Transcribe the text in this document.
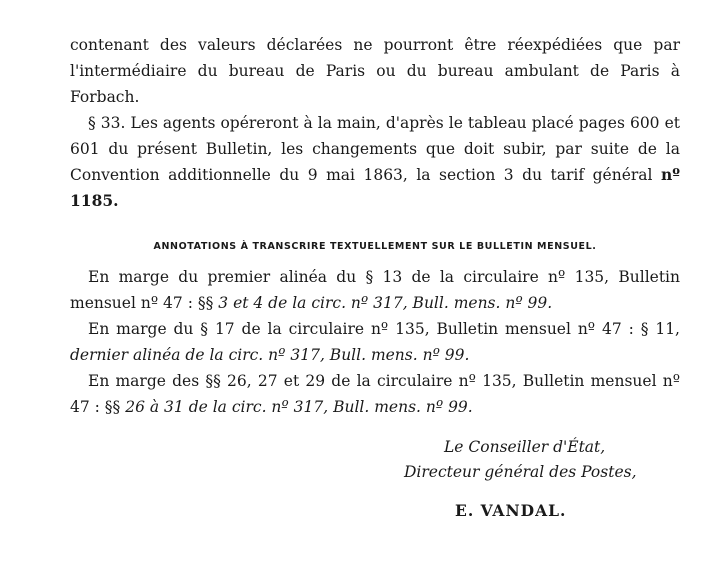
contenant des valeurs déclarées ne pourront être réexpédiées que par l'intermédiaire du bureau de Paris ou du bureau ambulant de Paris à Forbach.

§ 33. Les agents opéreront à la main, d'après le tableau placé pages 600 et 601 du présent Bulletin, les changements que doit subir, par suite de la Convention additionnelle du 9 mai 1863, la section 3 du tarif général nº 1185.

ANNOTATIONS À TRANSCRIRE TEXTUELLEMENT SUR LE BULLETIN MENSUEL.

En marge du premier alinéa du § 13 de la circulaire nº 135, Bulletin mensuel nº 47 : §§ 3 et 4 de la circ. nº 317, Bull. mens. nº 99.

En marge du § 17 de la circulaire nº 135, Bulletin mensuel nº 47 : § 11, dernier alinéa de la circ. nº 317, Bull. mens. nº 99.

En marge des §§ 26, 27 et 29 de la circulaire nº 135, Bulletin mensuel nº 47 : §§ 26 à 31 de la circ. nº 317, Bull. mens. nº 99.

Le Conseiller d'État,
Directeur général des Postes,
E. VANDAL.
